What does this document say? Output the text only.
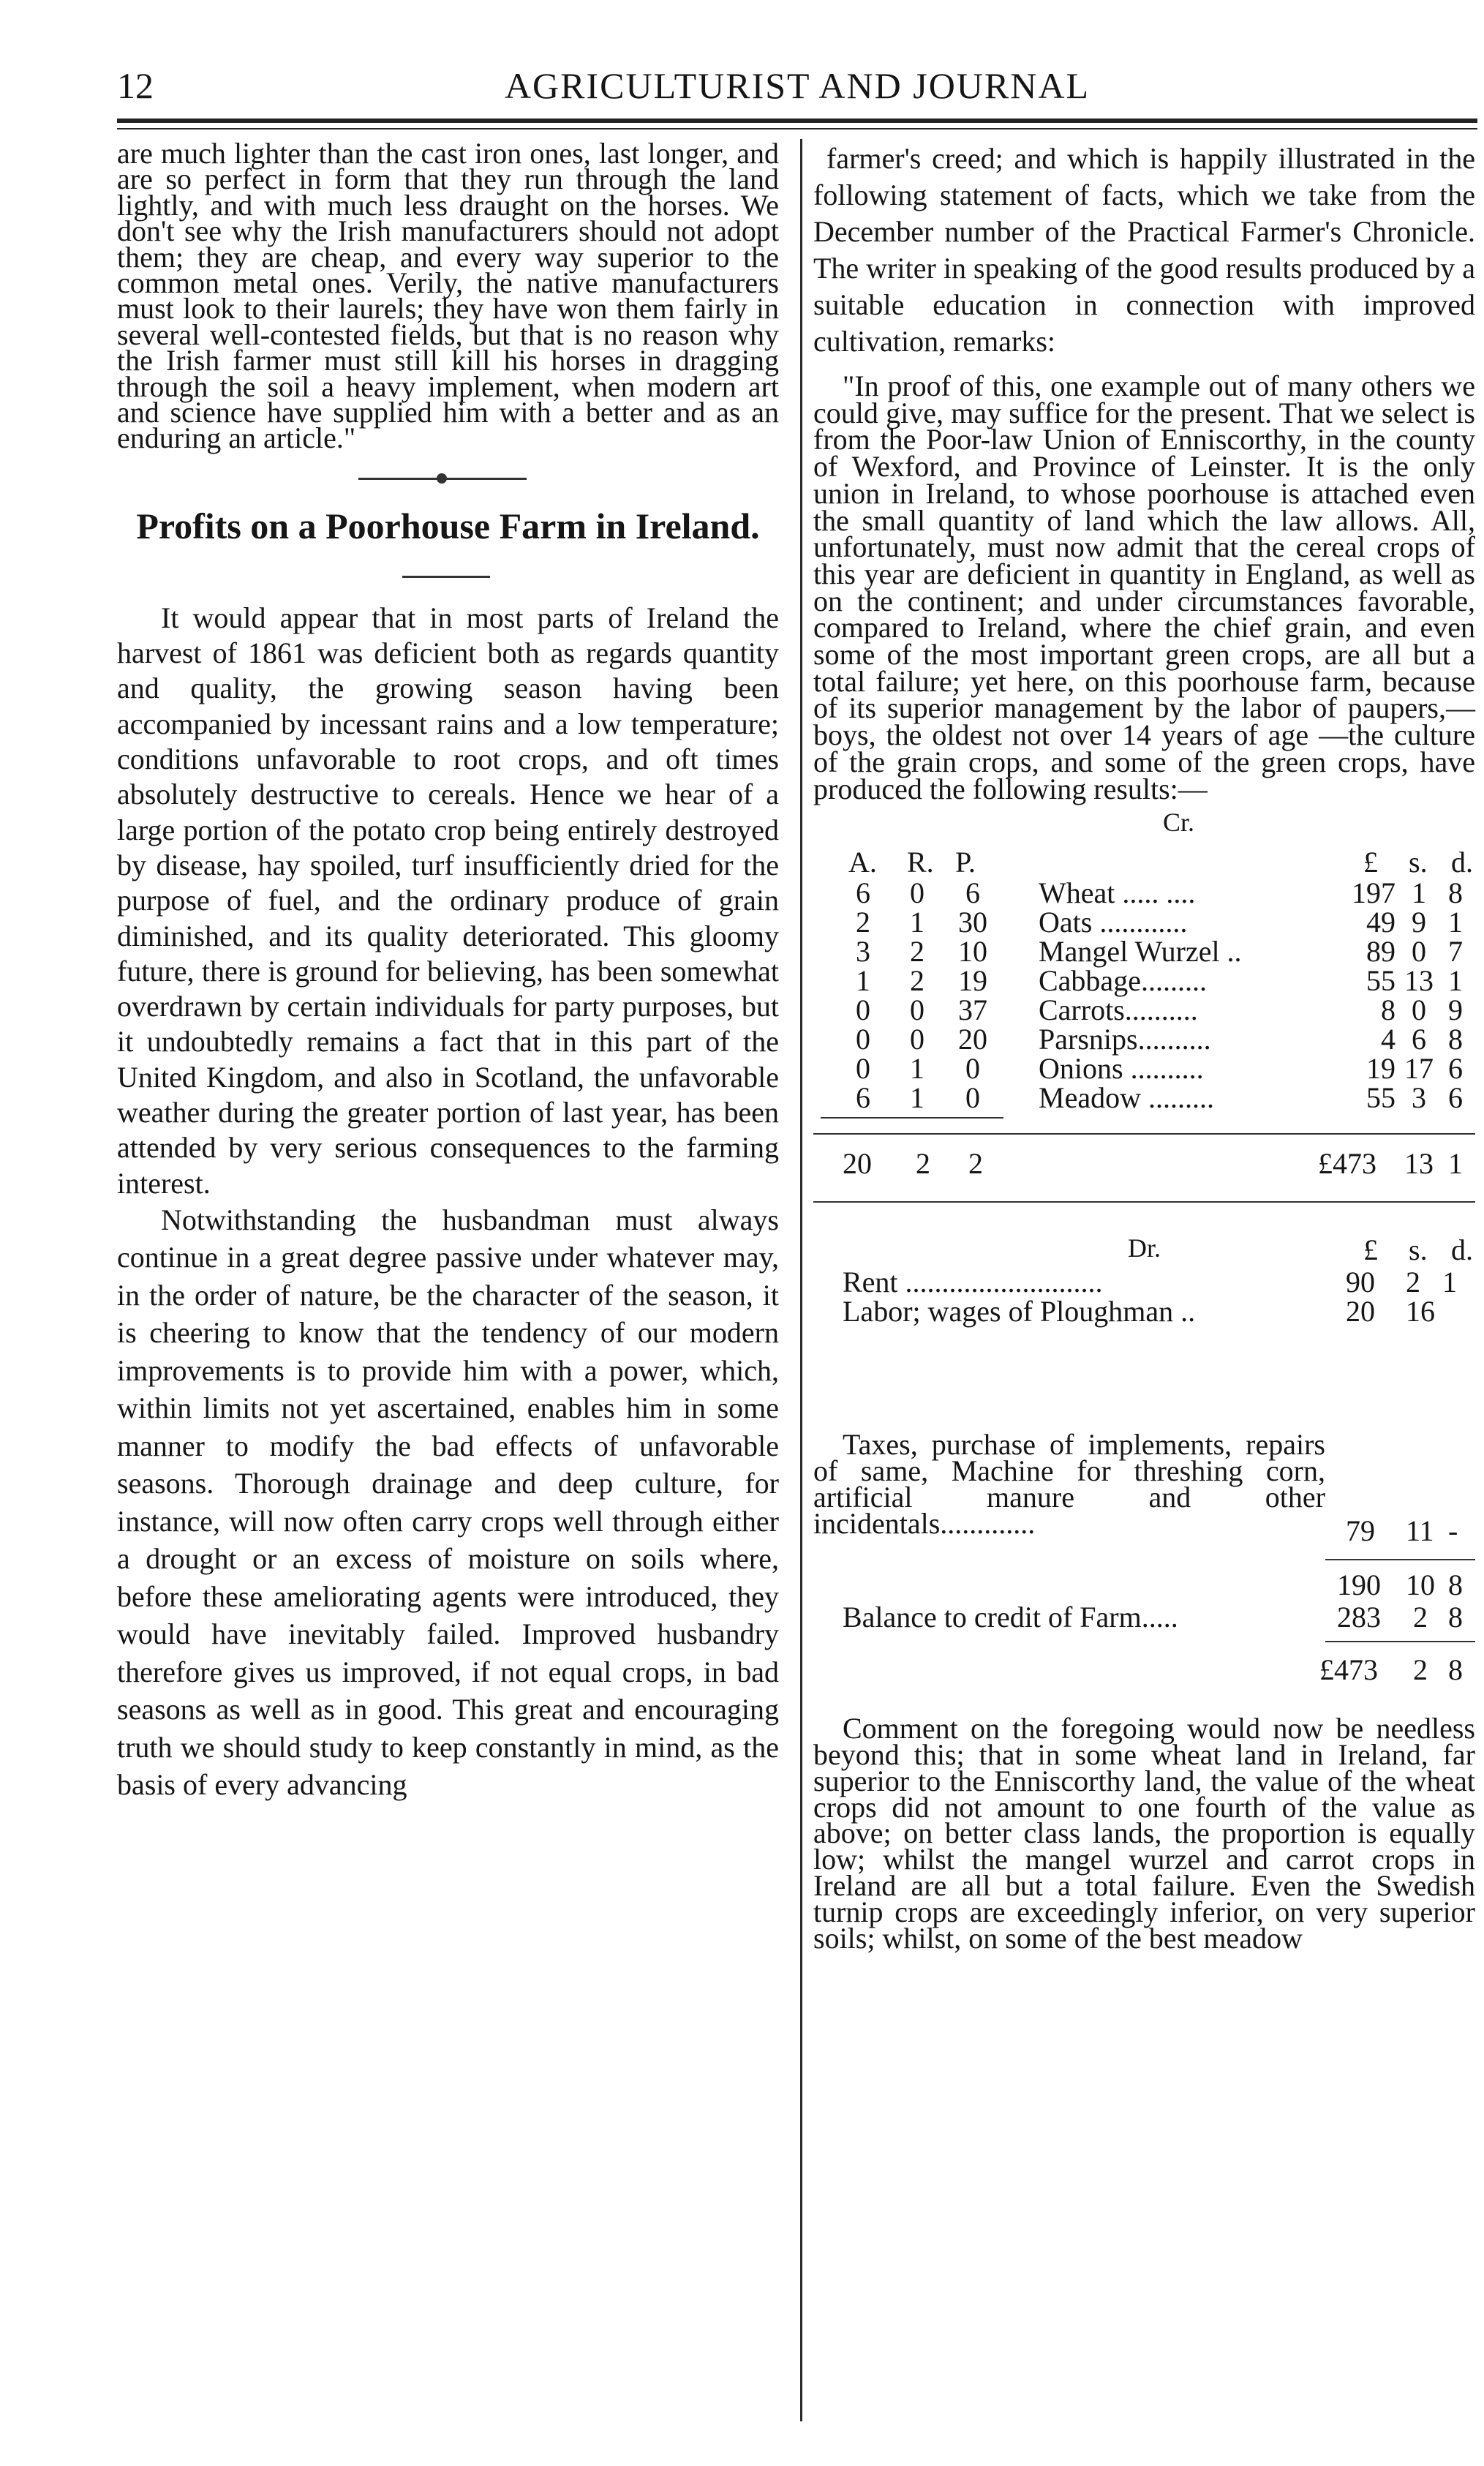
12	AGRICULTURIST AND JOURNAL

are much lighter than the cast iron ones, last longer, and are so perfect in form that they run through the land lightly, and with much less draught on the horses. We don't see why the Irish manufacturers should not adopt them; they are cheap, and every way superior to the common metal ones. Verily, the native manufacturers must look to their laurels; they have won them fairly in several well-contested fields, but that is no reason why the Irish farmer must still kill his horses in dragging through the soil a heavy implement, when modern art and science have supplied him with a better and as an enduring an article."

Profits on a Poorhouse Farm in Ireland.

It would appear that in most parts of Ireland the harvest of 1861 was deficient both as regards quantity and quality, the growing season having been accompanied by incessant rains and a low temperature; conditions unfavorable to root crops, and oft times absolutely destructive to cereals. Hence we hear of a large portion of the potato crop being entirely destroyed by disease, hay spoiled, turf insufficiently dried for the purpose of fuel, and the ordinary produce of grain diminished, and its quality deteriorated. This gloomy future, there is ground for believing, has been somewhat overdrawn by certain individuals for party purposes, but it undoubtedly remains a fact that in this part of the United Kingdom, and also in Scotland, the unfavorable weather during the greater portion of last year, has been attended by very serious consequences to the farming interest.

Notwithstanding the husbandman must always continue in a great degree passive under whatever may, in the order of nature, be the character of the season, it is cheering to know that the tendency of our modern improvements is to provide him with a power, which, within limits not yet ascertained, enables him in some manner to modify the bad effects of unfavorable seasons. Thorough drainage and deep culture, for instance, will now often carry crops well through either a drought or an excess of moisture on soils where, before these ameliorating agents were introduced, they would have inevitably failed. Improved husbandry therefore gives us improved, if not equal crops, in bad seasons as well as in good. This great and encouraging truth we should study to keep constantly in mind, as the basis of every advancing

farmer's creed; and which is happily illustrated in the following statement of facts, which we take from the December number of the Practical Farmer's Chronicle. The writer in speaking of the good results produced by a suitable education in connection with improved cultivation, remarks:

"In proof of this, one example out of many others we could give, may suffice for the present. That we select is from the Poor-law Union of Enniscorthy, in the county of Wexford, and Province of Leinster. It is the only union in Ireland, to whose poorhouse is attached even the small quantity of land which the law allows. All, unfortunately, must now admit that the cereal crops of this year are deficient in quantity in England, as well as on the continent; and under circumstances favorable, compared to Ireland, where the chief grain, and even some of the most important green crops, are all but a total failure; yet here, on this poorhouse farm, because of its superior management by the labor of paupers,—boys, the oldest not over 14 years of age —the culture of the grain crops, and some of the green crops, have produced the following results:—

Cr.
A. R. P.	£ s. d.
6 0 6 Wheat ..... ....	197 1 8
2 1 30 Oats ............	49 9 1
3 2 10 Mangel Wurzel ..	89 0 7
1 2 19 Cabbage.........	55 13 1
0 0 37 Carrots..........	8 0 9
0 0 20 Parsnips..........	4 6 8
0 1 0 Onions ..........	19 17 6
6 1 0 Meadow .........	55 3 6
20 2 2	£473 13 1
Dr.	£ s. d.
Rent ...........................	90 2 1
Labor; wages of Ploughman ..	20 16

Taxes, purchase of implements, repairs of same, Machine for threshing corn, artificial manure and other incidentals.............	79 11 -
190 10 8
Balance to credit of Farm.....	283 2 8
£473 2 8

Comment on the foregoing would now be needless beyond this; that in some wheat land in Ireland, far superior to the Enniscorthy land, the value of the wheat crops did not amount to one fourth of the value as above; on better class lands, the proportion is equally low; whilst the mangel wurzel and carrot crops in Ireland are all but a total failure. Even the Swedish turnip crops are exceedingly inferior, on very superior soils; whilst, on some of the best meadow
